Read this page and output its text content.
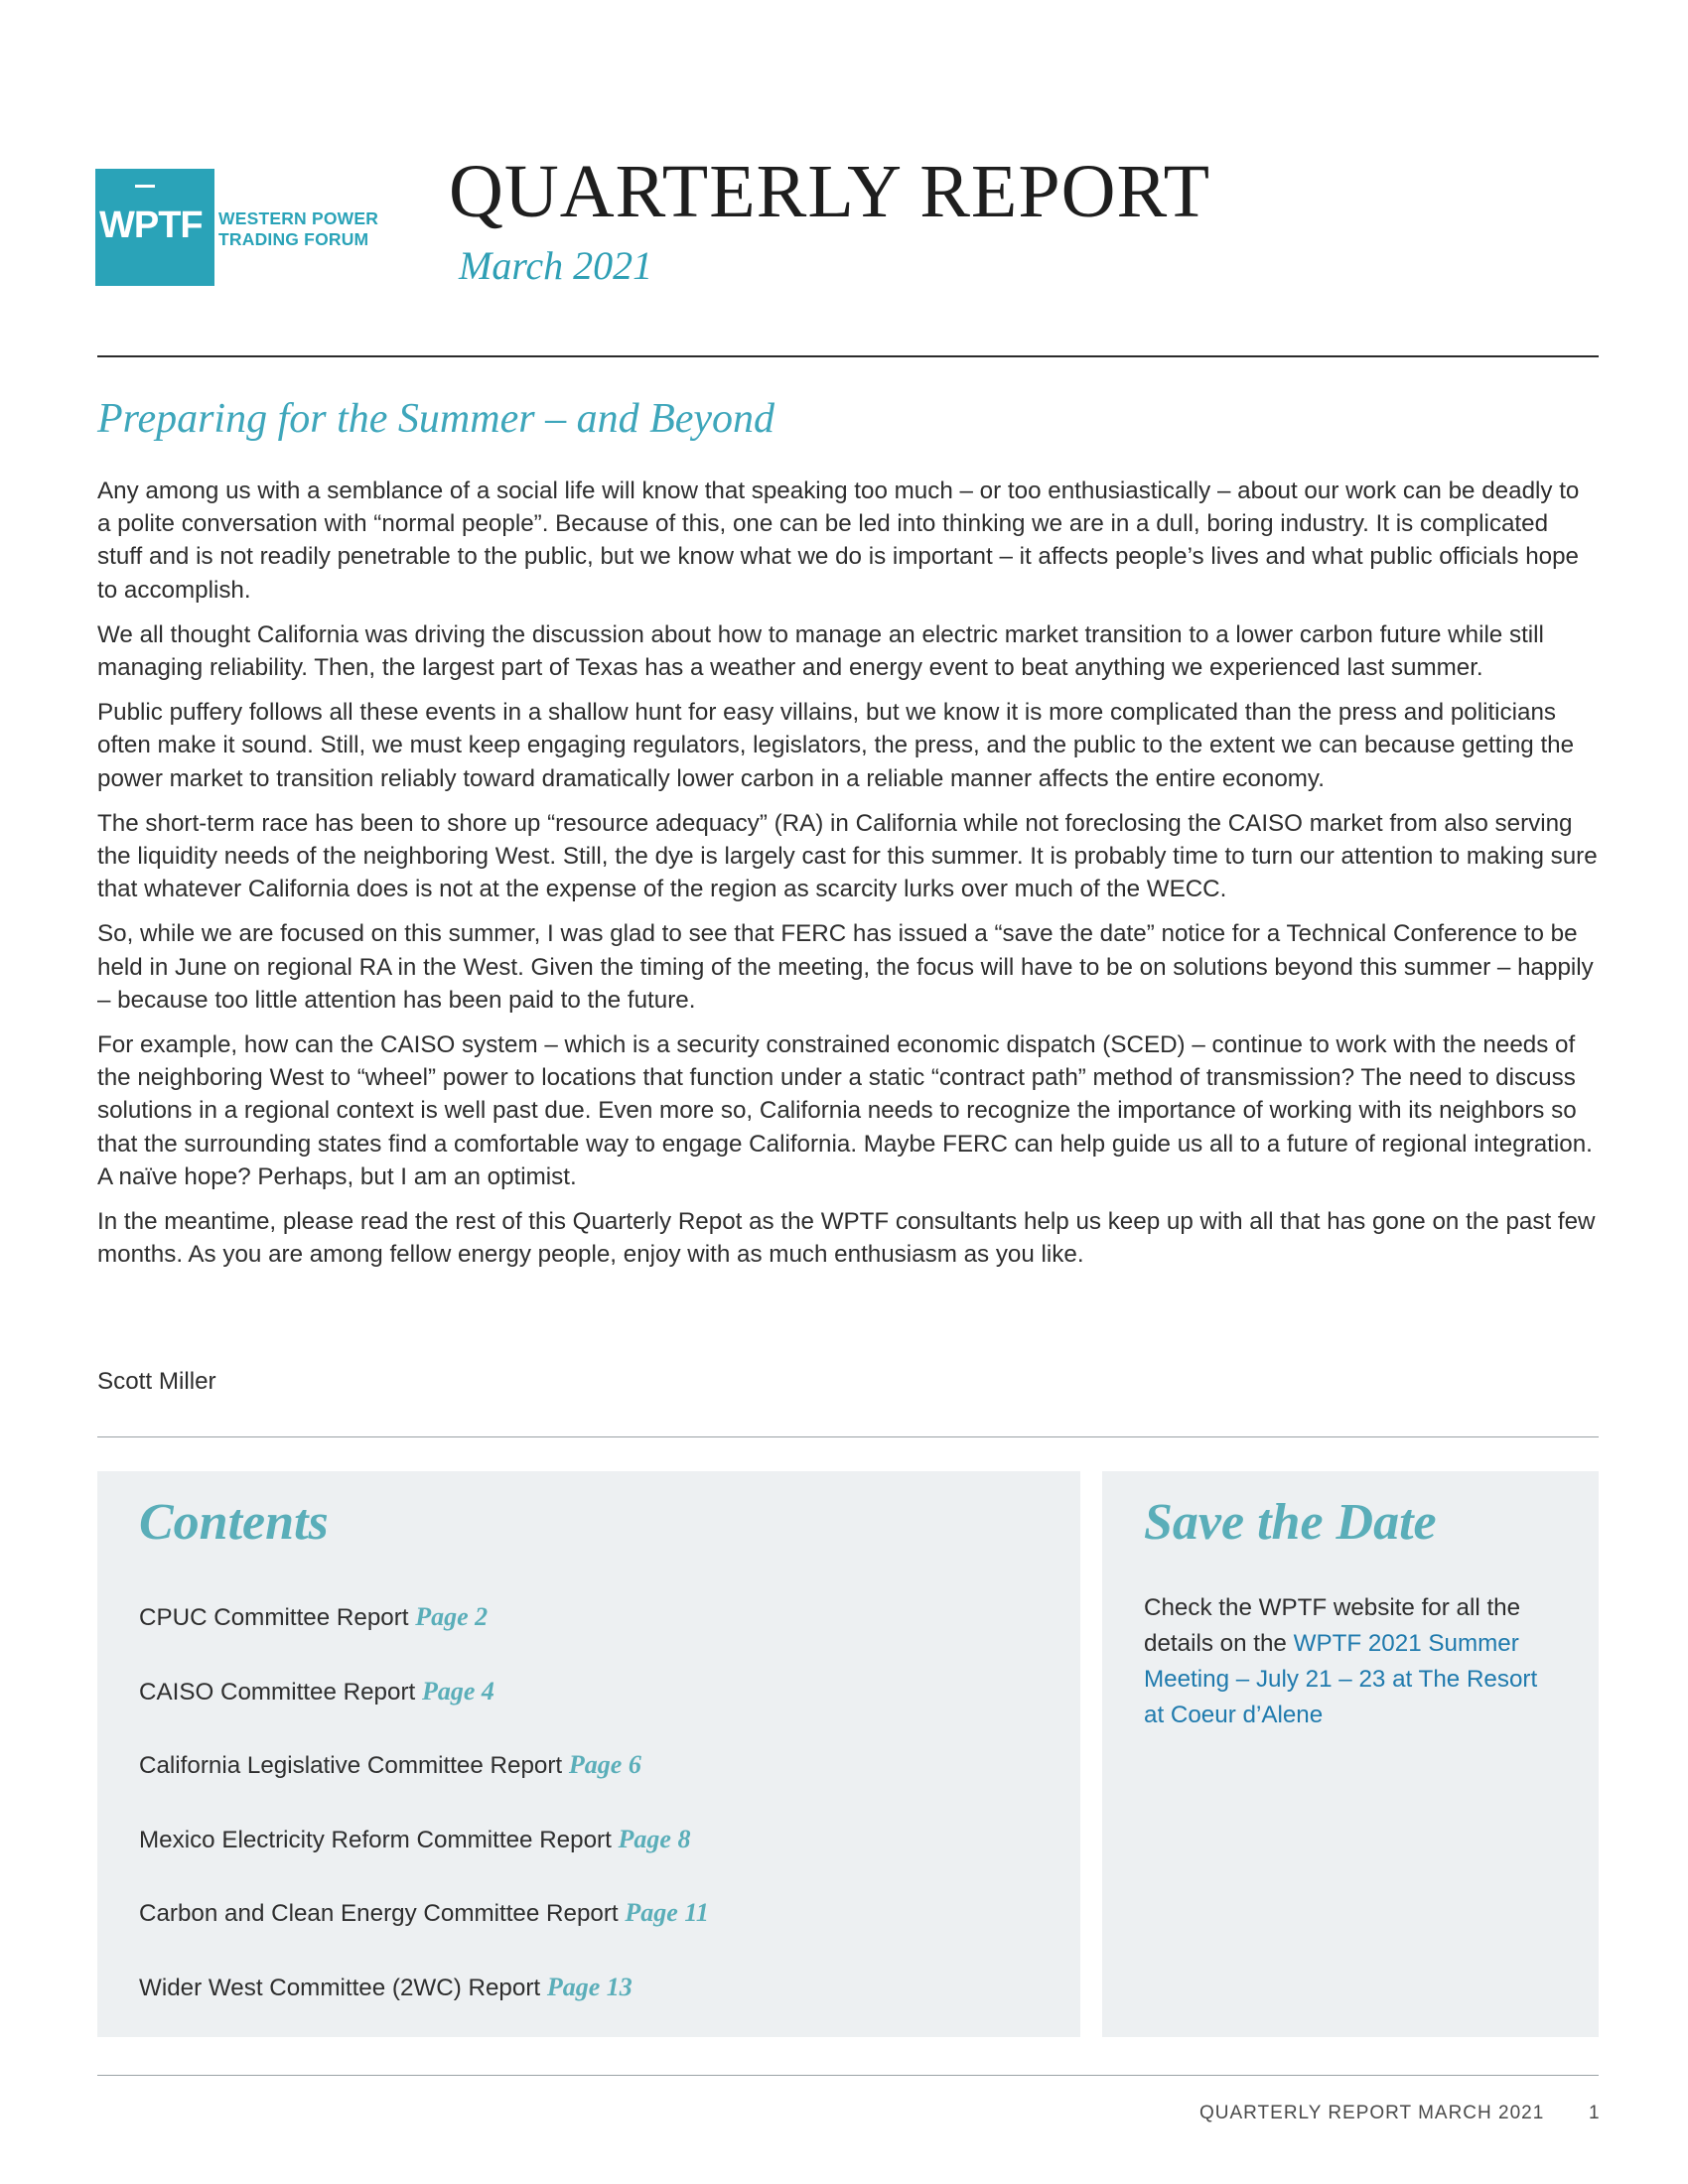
WPTF WESTERN POWER
TRADING FORUM
QUARTERLY REPORT
March 2021
Preparing for the Summer – and Beyond

Any among us with a semblance of a social life will know that speaking too much – or too enthusiastically – about our work can be deadly to a polite conversation with “normal people”. Because of this, one can be led into thinking we are in a dull, boring industry. It is complicated stuff and is not readily penetrable to the public, but we know what we do is important – it affects people’s lives and what public officials hope to accomplish.

We all thought California was driving the discussion about how to manage an electric market transition to a lower carbon future while still managing reliability. Then, the largest part of Texas has a weather and energy event to beat anything we experienced last summer.

Public puffery follows all these events in a shallow hunt for easy villains, but we know it is more complicated than the press and politicians often make it sound. Still, we must keep engaging regulators, legislators, the press, and the public to the extent we can because getting the power market to transition reliably toward dramatically lower carbon in a reliable manner affects the entire economy.

The short-term race has been to shore up “resource adequacy” (RA) in California while not foreclosing the CAISO market from also serving the liquidity needs of the neighboring West. Still, the dye is largely cast for this summer. It is probably time to turn our attention to making sure that whatever California does is not at the expense of the region as scarcity lurks over much of the WECC.

So, while we are focused on this summer, I was glad to see that FERC has issued a “save the date” notice for a Technical Conference to be held in June on regional RA in the West. Given the timing of the meeting, the focus will have to be on solutions beyond this summer – happily – because too little attention has been paid to the future.

For example, how can the CAISO system – which is a security constrained economic dispatch (SCED) – continue to work with the needs of the neighboring West to “wheel” power to locations that function under a static “contract path” method of transmission? The need to discuss solutions in a regional context is well past due. Even more so, California needs to recognize the importance of working with its neighbors so that the surrounding states find a comfortable way to engage California. Maybe FERC can help guide us all to a future of regional integration. A naïve hope? Perhaps, but I am an optimist.

In the meantime, please read the rest of this Quarterly Repot as the WPTF consultants help us keep up with all that has gone on the past few months. As you are among fellow energy people, enjoy with as much enthusiasm as you like.

Scott Miller
Contents
CPUC Committee Report Page 2
CAISO Committee Report Page 4
California Legislative Committee Report Page 6
Mexico Electricity Reform Committee Report Page 8
Carbon and Clean Energy Committee Report Page 11
Wider West Committee (2WC) Report Page 13
Save the Date
Check the WPTF website for all the details on the WPTF 2021 Summer Meeting – July 21 – 23 at The Resort at Coeur d’Alene
QUARTERLY REPORT MARCH 2021 1
